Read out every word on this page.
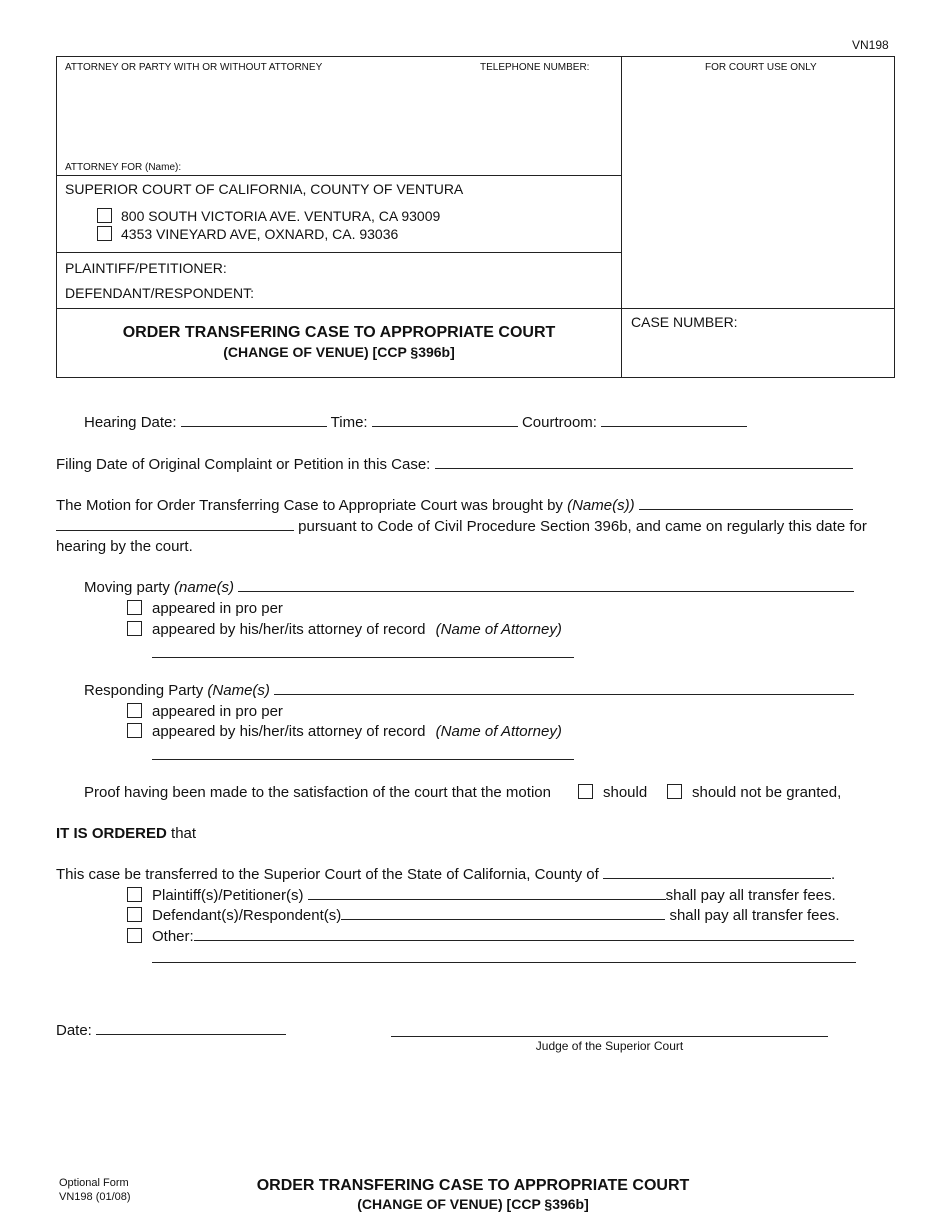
VN198
ATTORNEY OR PARTY WITH OR WITHOUT ATTORNEY	TELEPHONE NUMBER:	FOR COURT USE ONLY
ATTORNEY FOR (Name):
SUPERIOR COURT OF CALIFORNIA, COUNTY OF VENTURA
800 SOUTH VICTORIA AVE. VENTURA, CA 93009
4353 VINEYARD AVE, OXNARD, CA. 93036
PLAINTIFF/PETITIONER:
DEFENDANT/RESPONDENT:
ORDER TRANSFERING CASE TO APPROPRIATE COURT
(CHANGE OF VENUE) [CCP §396b]
CASE NUMBER:
Hearing Date:	Time:	Courtroom:
Filing Date of Original Complaint or Petition in this Case:
The Motion for Order Transferring Case to Appropriate Court was brought by (Name(s))
pursuant to Code of Civil Procedure Section 396b, and came on regularly this date for
hearing by the court.
Moving party (name(s)
appeared in pro per
appeared by his/her/its attorney of record (Name of Attorney)
Responding Party (Name(s)
appeared in pro per
appeared by his/her/its attorney of record (Name of Attorney)
Proof having been made to the satisfaction of the court that the motion	should	should not be granted,
IT IS ORDERED that
This case be transferred to the Superior Court of the State of California, County of	.
Plaintiff(s)/Petitioner(s)	shall pay all transfer fees.
Defendant(s)/Respondent(s)	shall pay all transfer fees.
Other:
Date:
Judge of the Superior Court
Optional Form
VN198 (01/08)
ORDER TRANSFERING CASE TO APPROPRIATE COURT
(CHANGE OF VENUE) [CCP §396b]
